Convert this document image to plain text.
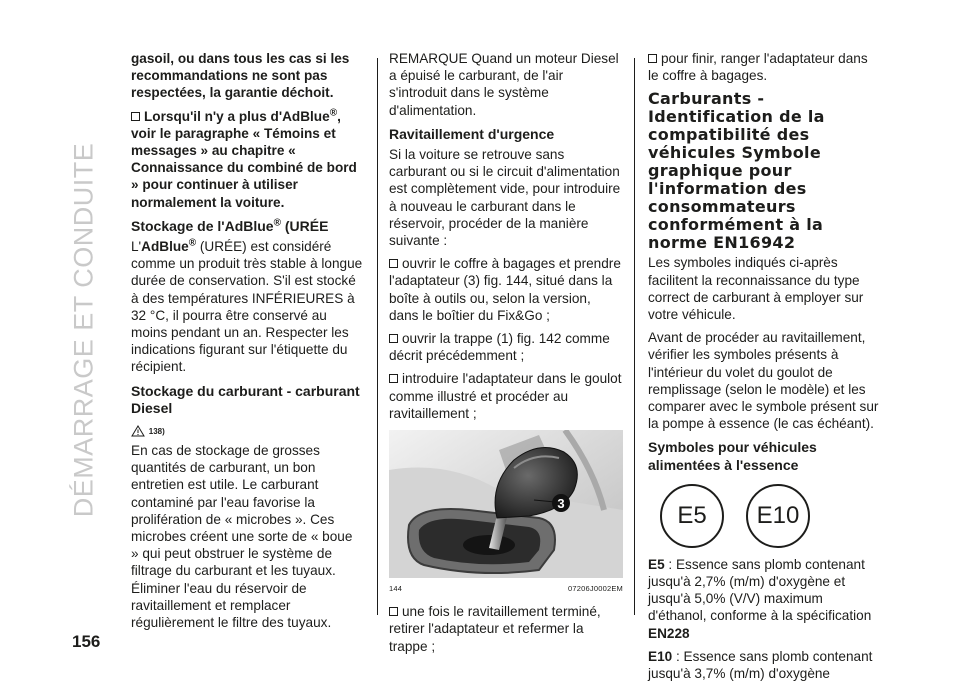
DÉMARRAGE ET CONDUITE

gasoil, ou dans tous les cas si les recommandations ne sont pas respectées, la garantie déchoit.

Lorsqu'il n'y a plus d'AdBlue®, voir le paragraphe « Témoins et messages » au chapitre « Connaissance du combiné de bord » pour continuer à utiliser normalement la voiture.

Stockage de l'AdBlue® (URÉE

L'AdBlue® (URÉE) est considéré comme un produit très stable à longue durée de conservation. S'il est stocké à des températures INFÉRIEURES à 32 °C, il pourra être conservé au moins pendant un an. Respecter les indications figurant sur l'étiquette du récipient.

Stockage du carburant - carburant Diesel
138)

En cas de stockage de grosses quantités de carburant, un bon entretien est utile. Le carburant contaminé par l'eau favorise la prolifération de « microbes ». Ces microbes créent une sorte de « boue » qui peut obstruer le système de filtrage du carburant et les tuyaux. Éliminer l'eau du réservoir de ravitaillement et remplacer régulièrement le filtre des tuyaux.

REMARQUE Quand un moteur Diesel a épuisé le carburant, de l'air s'introduit dans le système d'alimentation.

Ravitaillement d'urgence

Si la voiture se retrouve sans carburant ou si le circuit d'alimentation est complètement vide, pour introduire à nouveau le carburant dans le réservoir, procéder de la manière suivante :

ouvrir le coffre à bagages et prendre l'adaptateur (3) fig. 144, situé dans la boîte à outils ou, selon la version, dans le boîtier du Fix&Go ;

ouvrir la trappe (1) fig. 142 comme décrit précédemment ;

introduire l'adaptateur dans le goulot comme illustré et procéder au ravitaillement ;

3
144	07206J0002EM

une fois le ravitaillement terminé, retirer l'adaptateur et refermer la trappe ;

pour finir, ranger l'adaptateur dans le coffre à bagages.

Carburants - Identification de la compatibilité des véhicules Symbole graphique pour l'information des consommateurs conformément à la norme EN16942

Les symboles indiqués ci-après facilitent la reconnaissance du type correct de carburant à employer sur votre véhicule.

Avant de procéder au ravitaillement, vérifier les symboles présents à l'intérieur du volet du goulot de remplissage (selon le modèle) et les comparer avec le symbole présent sur la pompe à essence (le cas échéant).

Symboles pour véhicules alimentées à l'essence
E5	E10

E5 : Essence sans plomb contenant jusqu'à 2,7% (m/m) d'oxygène et jusqu'à 5,0% (V/V) maximum d'éthanol, conforme à la spécification EN228

E10 : Essence sans plomb contenant jusqu'à 3,7% (m/m) d'oxygène

156
